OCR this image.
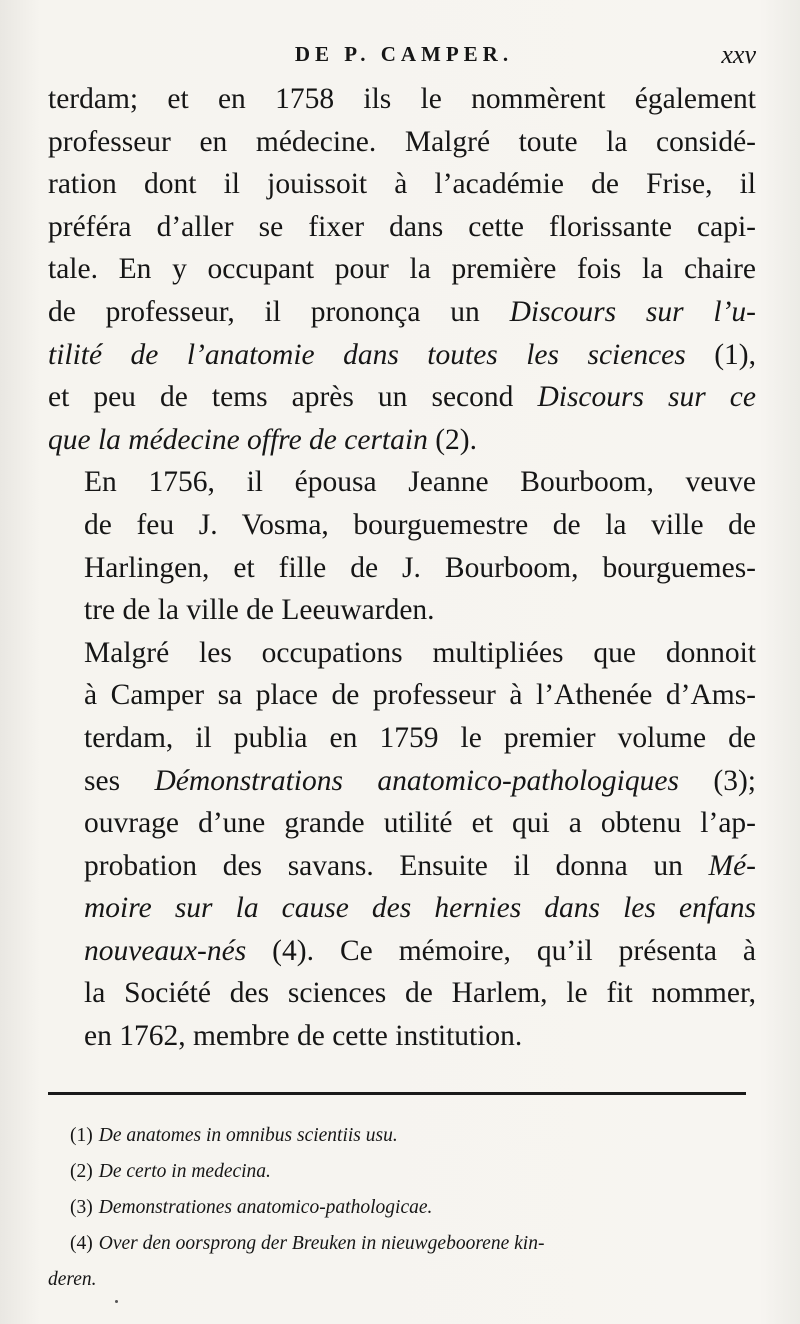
DE P. CAMPER.	xxv

terdam; et en 1758 ils le nommèrent également
professeur en médecine. Malgré toute la considé-
ration dont il jouissoit à l’académie de Frise, il
préféra d’aller se fixer dans cette florissante capi-
tale. En y occupant pour la première fois la chaire
de professeur, il prononça un Discours sur l’u-
tilité de l’anatomie dans toutes les sciences (1),
et peu de tems après un second Discours sur ce
que la médecine offre de certain (2).

En 1756, il épousa Jeanne Bourboom, veuve
de feu J. Vosma, bourguemestre de la ville de
Harlingen, et fille de J. Bourboom, bourguemes-
tre de la ville de Leeuwarden.

Malgré les occupations multipliées que donnoit
à Camper sa place de professeur à l’Athenée d’Ams-
terdam, il publia en 1759 le premier volume de
ses Démonstrations anatomico-pathologiques (3);
ouvrage d’une grande utilité et qui a obtenu l’ap-
probation des savans. Ensuite il donna un Mé-
moire sur la cause des hernies dans les enfans
nouveaux-nés (4). Ce mémoire, qu’il présenta à
la Société des sciences de Harlem, le fit nommer,
en 1762, membre de cette institution.

(1) De anatomes in omnibus scientiis usu.
(2) De certo in medecina.
(3) Demonstrationes anatomico-pathologicae.
(4) Over den oorsprong der Breuken in nieuwgeboorene kin-
deren.
